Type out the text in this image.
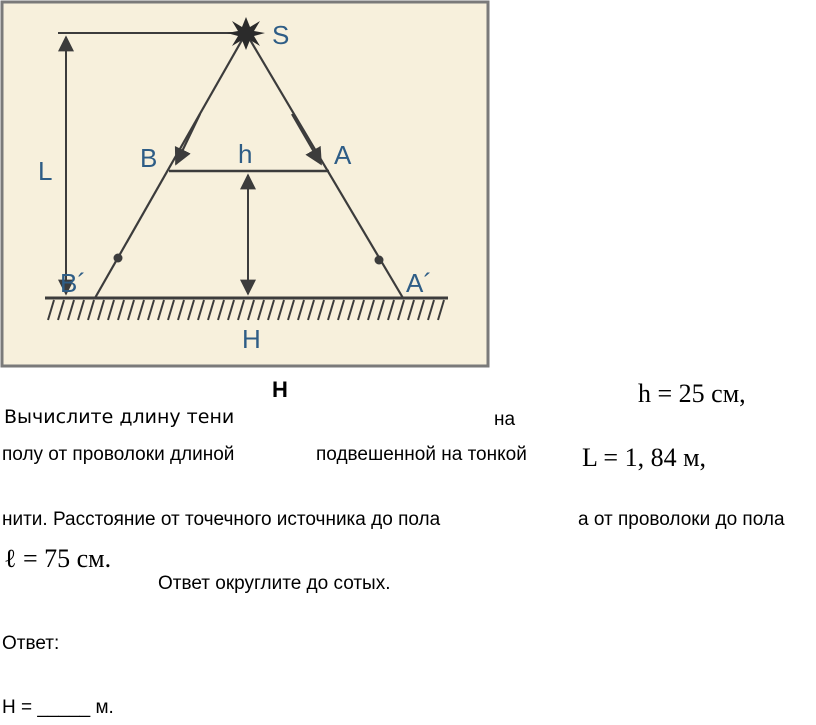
S
L	B	h	A
B´	A´
H
H	h = 25 см,
Вычислите длину тени	на
полу от проволоки длиной	подвешенной на тонкой L = 1, 84 м,
нити. Расстояние от точечного источника до пола	а от проволоки до пола
ℓ = 75 см.
Ответ округлите до сотых.
Ответ:
H = _____ м.
